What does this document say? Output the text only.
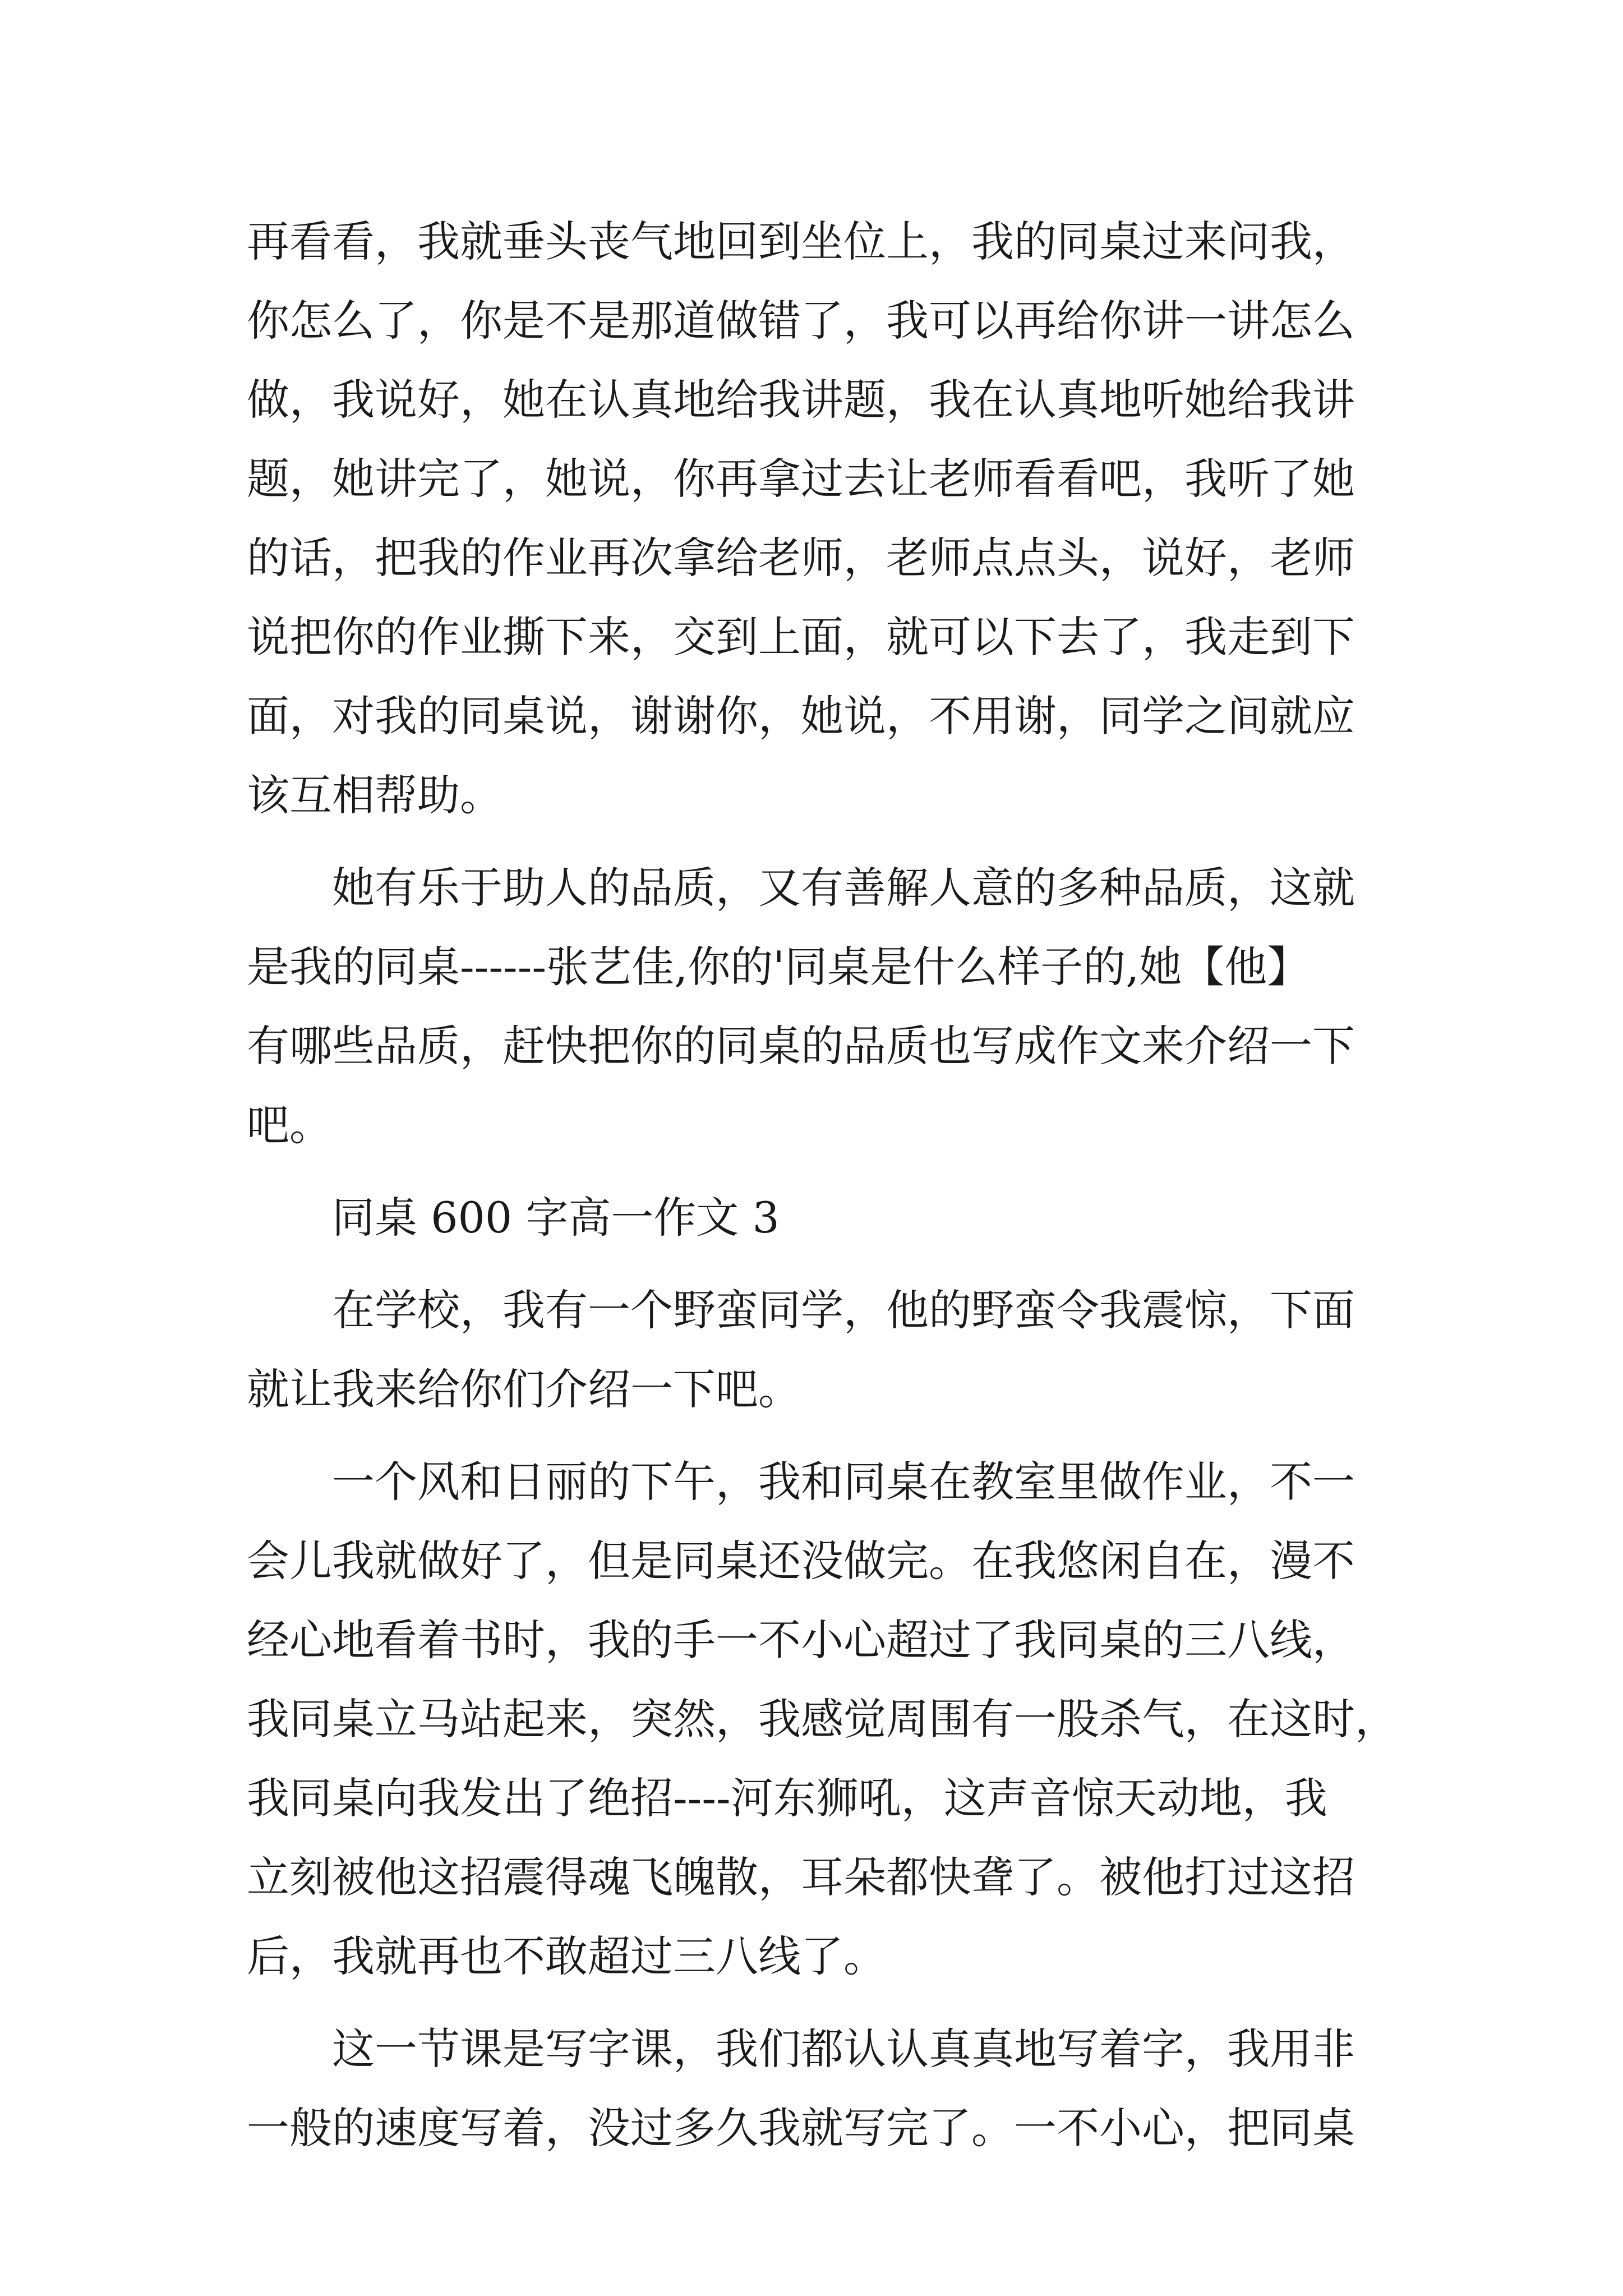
再看看，我就垂头丧气地回到坐位上，我的同桌过来问我，
你怎么了，你是不是那道做错了，我可以再给你讲一讲怎么
做，我说好，她在认真地给我讲题，我在认真地听她给我讲
题，她讲完了，她说，你再拿过去让老师看看吧，我听了她
的话，把我的作业再次拿给老师，老师点点头，说好，老师
说把你的作业撕下来，交到上面，就可以下去了，我走到下
面，对我的同桌说，谢谢你，她说，不用谢，同学之间就应
该互相帮助。
她有乐于助人的品质，又有善解人意的多种品质，这就
是我的同桌------张艺佳,你的'同桌是什么样子的,她【他】
有哪些品质，赶快把你的同桌的品质也写成作文来介绍一下
吧。
同桌 600 字高一作文 3
在学校，我有一个野蛮同学，他的野蛮令我震惊，下面
就让我来给你们介绍一下吧。
一个风和日丽的下午，我和同桌在教室里做作业，不一
会儿我就做好了，但是同桌还没做完。在我悠闲自在，漫不
经心地看着书时，我的手一不小心超过了我同桌的三八线，
我同桌立马站起来，突然，我感觉周围有一股杀气，在这时，
我同桌向我发出了绝招----河东狮吼，这声音惊天动地，我
立刻被他这招震得魂飞魄散，耳朵都快聋了。被他打过这招
后，我就再也不敢超过三八线了。
这一节课是写字课，我们都认认真真地写着字，我用非
一般的速度写着，没过多久我就写完了。一不小心，把同桌
